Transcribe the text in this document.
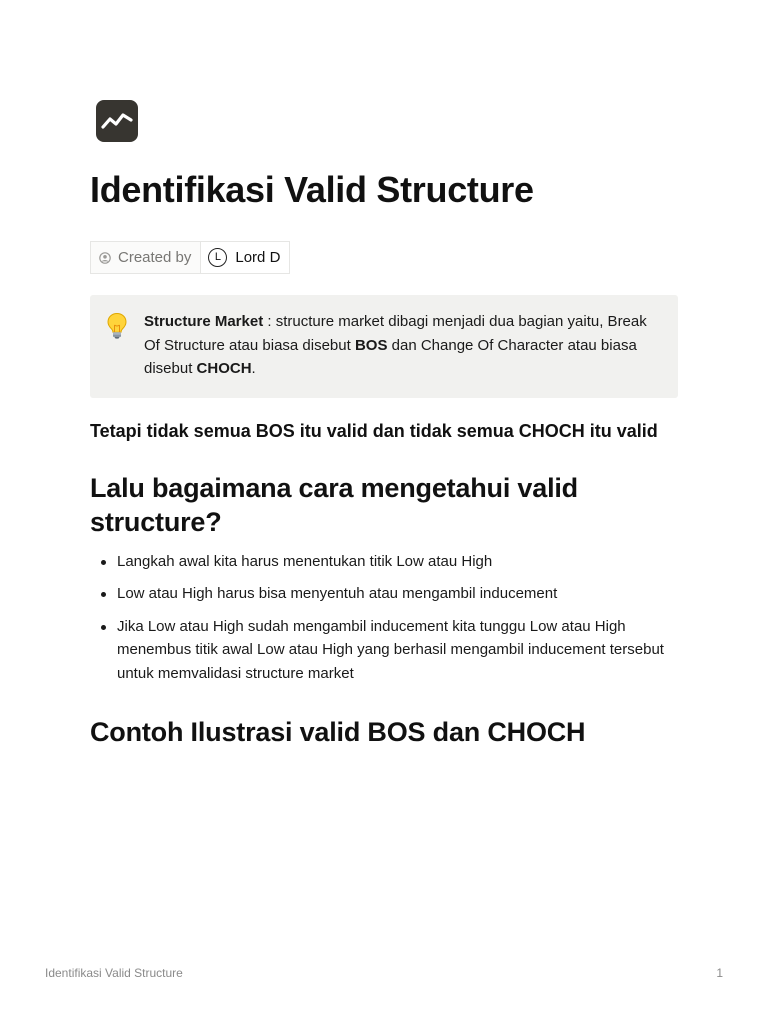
Identifikasi Valid Structure
Created by	L Lord D
Structure Market : structure market dibagi menjadi dua bagian yaitu, Break Of Structure atau biasa disebut BOS dan Change Of Character atau biasa disebut CHOCH.
Tetapi tidak semua BOS itu valid dan tidak semua CHOCH itu valid
Lalu bagaimana cara mengetahui valid structure?
Langkah awal kita harus menentukan titik Low atau High
Low atau High harus bisa menyentuh atau mengambil inducement
Jika Low atau High sudah mengambil inducement kita tunggu Low atau High menembus titik awal Low atau High yang berhasil mengambil inducement tersebut untuk memvalidasi structure market
Contoh Ilustrasi valid BOS dan CHOCH
Identifikasi Valid Structure	1
